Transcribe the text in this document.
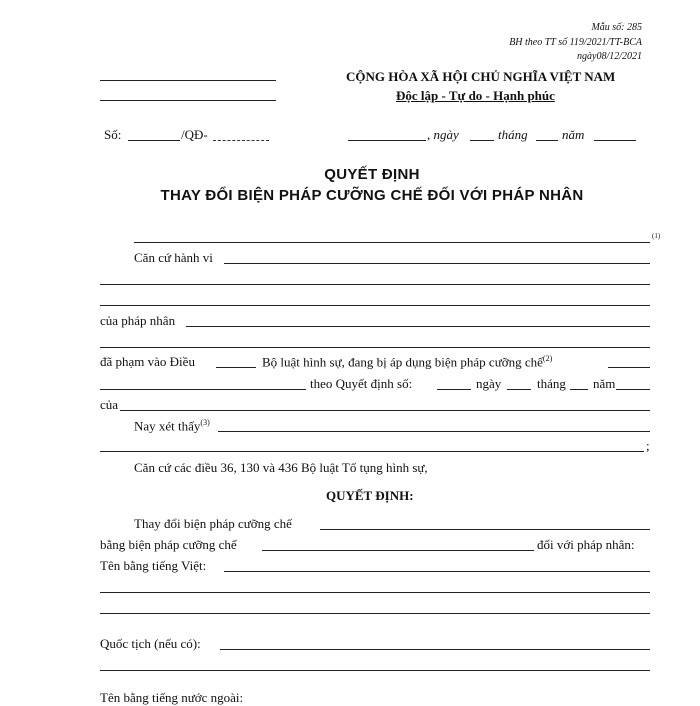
Mẫu số: 285
BH theo TT số 119/2021/TT-BCA
ngày08/12/2021
CỘNG HÒA XÃ HỘI CHỦ NGHĨA VIỆT NAM
Độc lập - Tự do - Hạnh phúc
Số:	/QĐ-	, ngày	tháng	năm
QUYẾT ĐỊNH
THAY ĐỔI BIỆN PHÁP CƯỠNG CHẾ ĐỐI VỚI PHÁP NHÂN
(1)
Căn cứ hành vi
của pháp nhân
đã phạm vào Điều	Bộ luật hình sự, đang bị áp dụng biện pháp cưỡng chế$^{(2)}$
theo Quyết định số:	ngày	tháng năm
của
Nay xét thấy$^{(3)}$
;
Căn cứ các điều 36, 130 và 436 Bộ luật Tố tụng hình sự,
QUYẾT ĐỊNH:
Thay đổi biện pháp cưỡng chế
bằng biện pháp cưỡng chế	đối với pháp nhân:
Tên bằng tiếng Việt:
Quốc tịch (nếu có):
Tên bằng tiếng nước ngoài:
